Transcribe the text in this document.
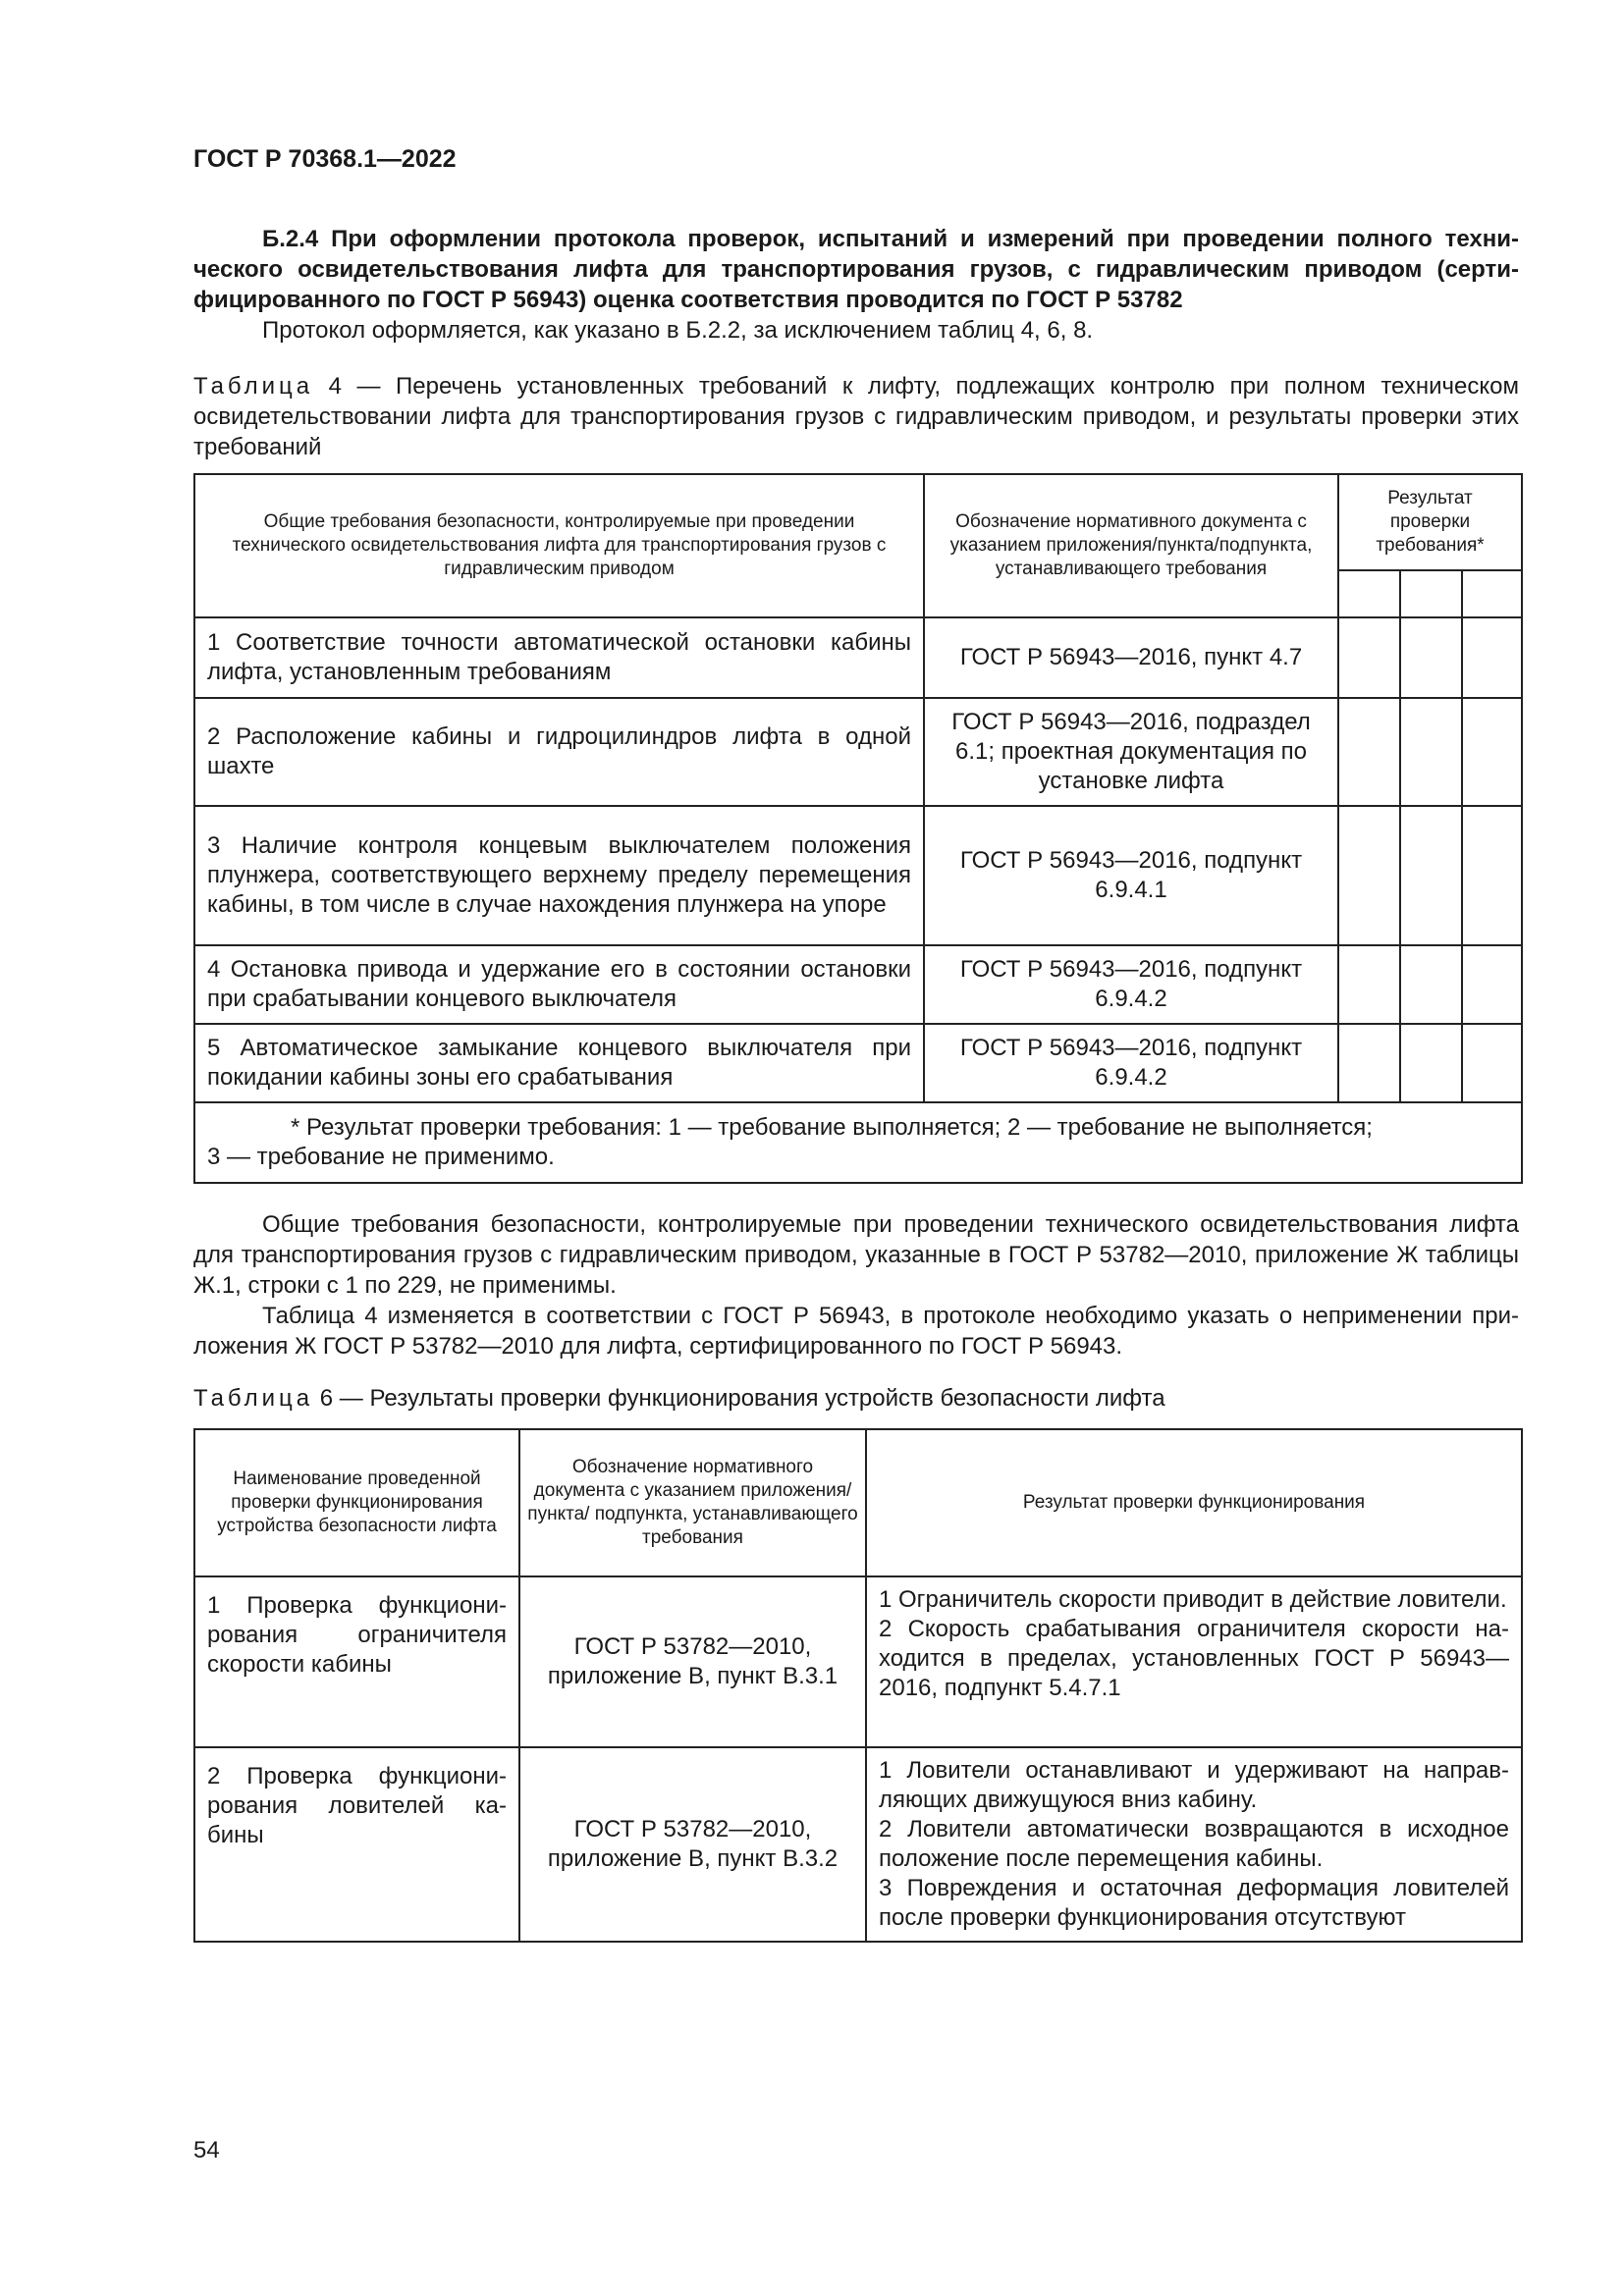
ГОСТ Р 70368.1—2022

Б.2.4 При оформлении протокола проверок, испытаний и измерений при проведении полного технического освидетельствования лифта для транспортирования грузов, с гидравлическим приводом (сертифицированного по ГОСТ Р 56943) оценка соответствия проводится по ГОСТ Р 53782

Протокол оформляется, как указано в Б.2.2, за исключением таблиц 4, 6, 8.

Таблица 4 — Перечень установленных требований к лифту, подлежащих контролю при полном техническом освидетельствовании лифта для транспортирования грузов с гидравлическим приводом, и результаты проверки этих требований
Общие требования безопасности, контролируемые при проведении технического освидетельствования лифта для транспортирования грузов с гидравлическим приводом	Обозначение нормативного документа с указанием приложения/пункта/подпункта, устанавливающего требования	Результат проверки требования*		

1 Соответствие точности автоматической остановки кабины лифта, установленным требованиям	ГОСТ Р 56943—2016, пункт 4.7			
2 Расположение кабины и гидроцилиндров лифта в одной шахте	ГОСТ Р 56943—2016, подраздел 6.1; проектная документация по установке лифта			
3 Наличие контроля концевым выключателем положения плунжера, соответствующего верхнему пределу перемещения кабины, в том числе в случае нахождения плунжера на упоре	ГОСТ Р 56943—2016, подпункт 6.9.4.1			
4 Остановка привода и удержание его в состоянии остановки при срабатывании концевого выключателя	ГОСТ Р 56943—2016, подпункт 6.9.4.2			
5 Автоматическое замыкание концевого выключателя при покидании кабины зоны его срабатывания	ГОСТ Р 56943—2016, подпункт 6.9.4.2			

* Результат проверки требования: 1 — требование выполняется; 2 — требование не выполняется;
3 — требование не применимо.				

Общие требования безопасности, контролируемые при проведении технического освидетельствования лифта для транспортирования грузов с гидравлическим приводом, указанные в ГОСТ Р 53782—2010, приложение Ж таблицы Ж.1, строки с 1 по 229, не применимы.

Таблица 4 изменяется в соответствии с ГОСТ Р 56943, в протоколе необходимо указать о неприменении приложения Ж ГОСТ Р 53782—2010 для лифта, сертифицированного по ГОСТ Р 56943.

Таблица 6 — Результаты проверки функционирования устройств безопасности лифта
Наименование проведенной проверки функционирования устройства безопасности лифта	Обозначение нормативного документа с указанием приложения/пункта/ подпункта, устанавливающего требования	Результат проверки функционирования
1 Проверка функционирования ограничителя скорости кабины	ГОСТ Р 53782—2010, приложение В, пункт В.3.1	1 Ограничитель скорости приводит в действие ловители.
2 Скорость срабатывания ограничителя скорости находится в пределах, установленных ГОСТ Р 56943—2016, подпункт 5.4.7.1

2 Проверка функционирования ловителей кабины	ГОСТ Р 53782—2010, приложение В, пункт В.3.2	1 Ловители останавливают и удерживают на направляющих движущуюся вниз кабину.
2 Ловители автоматически возвращаются в исходное положение после перемещения кабины.
3 Повреждения и остаточная деформация ловителей после проверки функционирования отсутствуют
54
